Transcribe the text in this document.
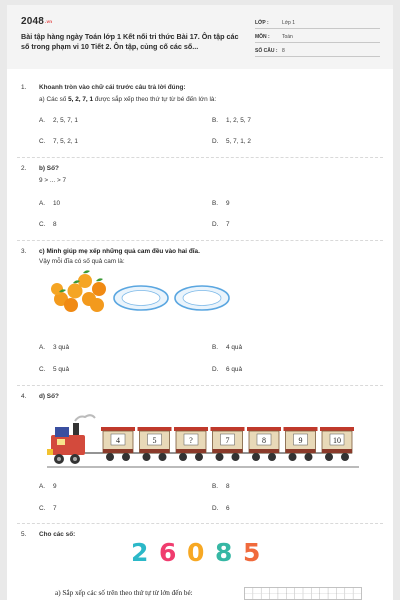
2048.vn
Bài tập hàng ngày Toán lớp 1 Kết nối tri thức Bài 17. Ôn tập các số trong phạm vi 10 Tiết 2. Ôn tập, củng cố các số...
LỚP :	Lớp 1
MÔN : Toán
SỐ CÂU : 8
1. Khoanh tròn vào chữ cái trước câu trả lời đúng:
a) Các số 5, 2, 7, 1 được sắp xếp theo thứ tự từ bé đến lớn là:
A. 2, 5, 7, 1	B. 1, 2, 5, 7
C. 7, 5, 2, 1	D. 5, 7, 1, 2
2. b) Số?
9 > ... > 7
A. 10	B. 9
C. 8	D. 7
3. c) Minh giúp mẹ xếp những quả cam đều vào hai đĩa.
Vậy mỗi đĩa có số quả cam là:
A. 3 quả	B. 4 quả
C. 5 quả	D. 6 quả
4. d) Số?
4	5	?	7	8	9	10
A. 9	B. 8
C. 7	D. 6
5. Cho các số:
2 6 0 8 5
a) Sắp xếp các số trên theo thứ tự từ lớn đến bé:
